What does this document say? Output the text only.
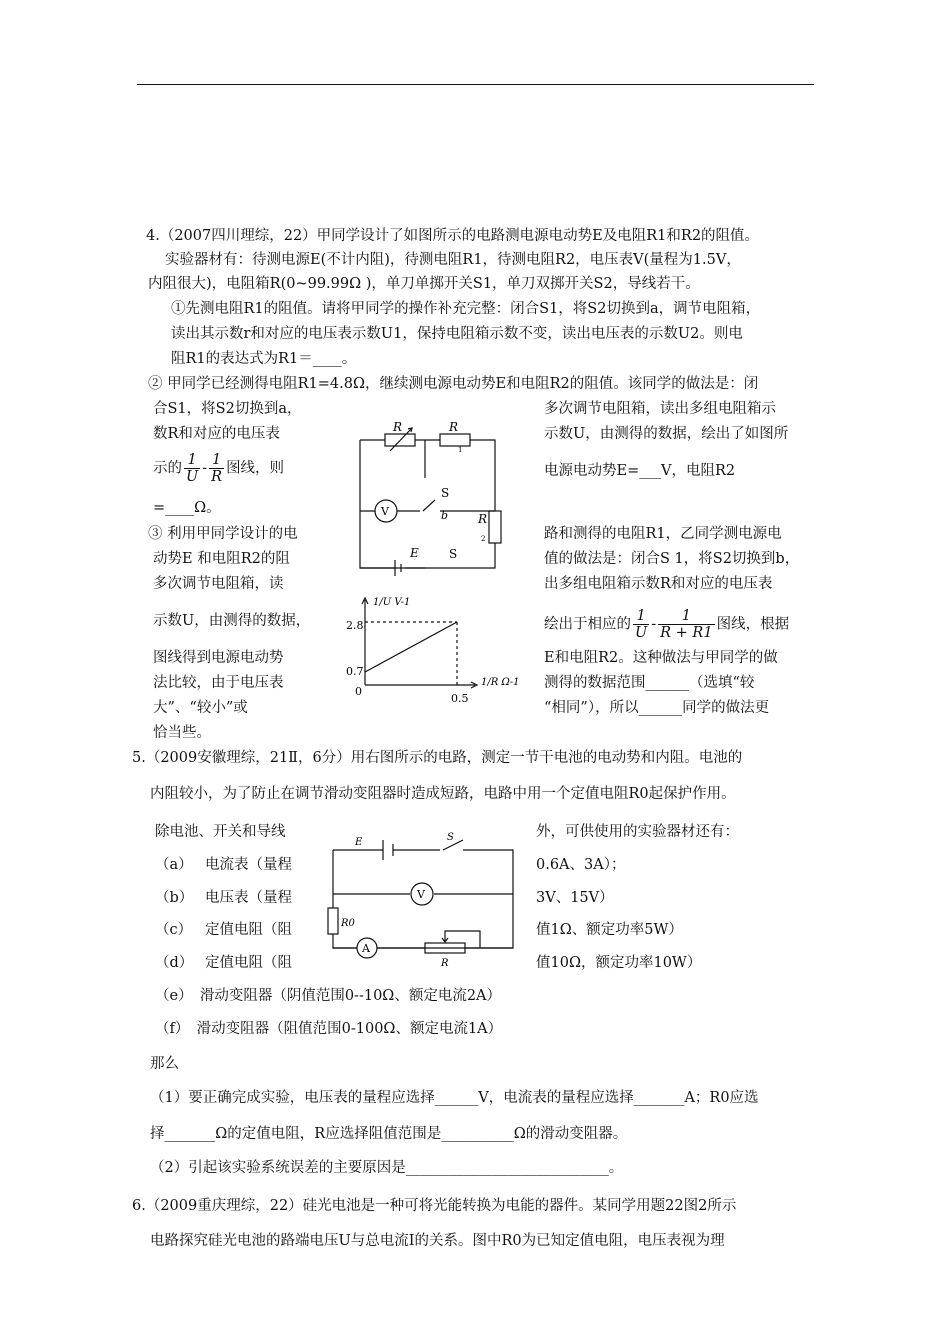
4.（2007四川理综，22）甲同学设计了如图所示的电路测电源电动势E及电阻R1和R2的阻值。
实验器材有：待测电源E(不计内阻)，待测电阻R1，待测电阻R2，电压表V(量程为1.5V，
内阻很大)，电阻箱R(0~99.99Ω )，单刀单掷开关S1，单刀双掷开关S2，导线若干。
①先测电阻R1的阻值。请将甲同学的操作补充完整：闭合S1，将S2切换到a，调节电阻箱，
读出其示数r和对应的电压表示数U1，保持电阻箱示数不变，读出电压表的示数U2。则电
阻R1的表达式为R1＝____。
② 甲同学已经测得电阻R1=4.8Ω，继续测电源电动势E和电阻R2的阻值。该同学的做法是：闭
合S1，将S2切换到a，
数R和对应的电压表
示的 $\frac{1}{U} - \frac{1}{R}$ 图线，则
=____Ω。
多次调节电阻箱，读出多组电阻箱示
示数U，由测得的数据，绘出了如图所
电源电动势E=___V，电阻R2
③ 利用甲同学设计的电
动势E 和电阻R2的阻
多次调节电阻箱，读
示数U，由测得的数据，
图线得到电源电动势
法比较，由于电压表
大”、“较小”或
恰当些。
路和测得的电阻R1，乙同学测电源电
值的做法是：闭合S 1，将S2切换到b，
出多组电阻箱示数R和对应的电压表
绘出于相应的 $\frac{1}{U} - \frac{1}{R + R1}$ 图线，根据
E和电阻R2。这种做法与甲同学的做
测得的数据范围______（选填“较
“相同”），所以______同学的做法更
R	R
1
V
S
b R
2
E	S
1/U V-1
2.8
0.7
0
0.5
1/R Ω-1
5.（2009安徽理综，21Ⅱ，6分）用右图所示的电路，测定一节干电池的电动势和内阻。电池的
内阻较小，为了防止在调节滑动变阻器时造成短路，电路中用一个定值电阻R0起保护作用。
除电池、开关和导线	外，可供使用的实验器材还有：
（a） 电流表（量程	0.6A、3A）；
（b） 电压表（量程	3V、15V）
（c） 定值电阻（阻	值1Ω、额定功率5W）
（d） 定值电阻（阻	值10Ω，额定功率10W）
（e）　滑动变阻器（阴值范围0--10Ω、额定电流2A）
（f）　滑动变阻器（阻值范围0-100Ω、额定电流1A）
那么
（1）要正确完成实验，电压表的量程应选择______V，电流表的量程应选择_______A；R0应选
择_______Ω的定值电阻，R应选择阻值范围是__________Ω的滑动变阻器。
（2）引起该实验系统误差的主要原因是____________________________。
E	S
V
R0
A
R
6.（2009重庆理综，22）硅光电池是一种可将光能转换为电能的器件。某同学用题22图2所示
电路探究硅光电池的路端电压U与总电流I的关系。图中R0为已知定值电阻，电压表视为理
